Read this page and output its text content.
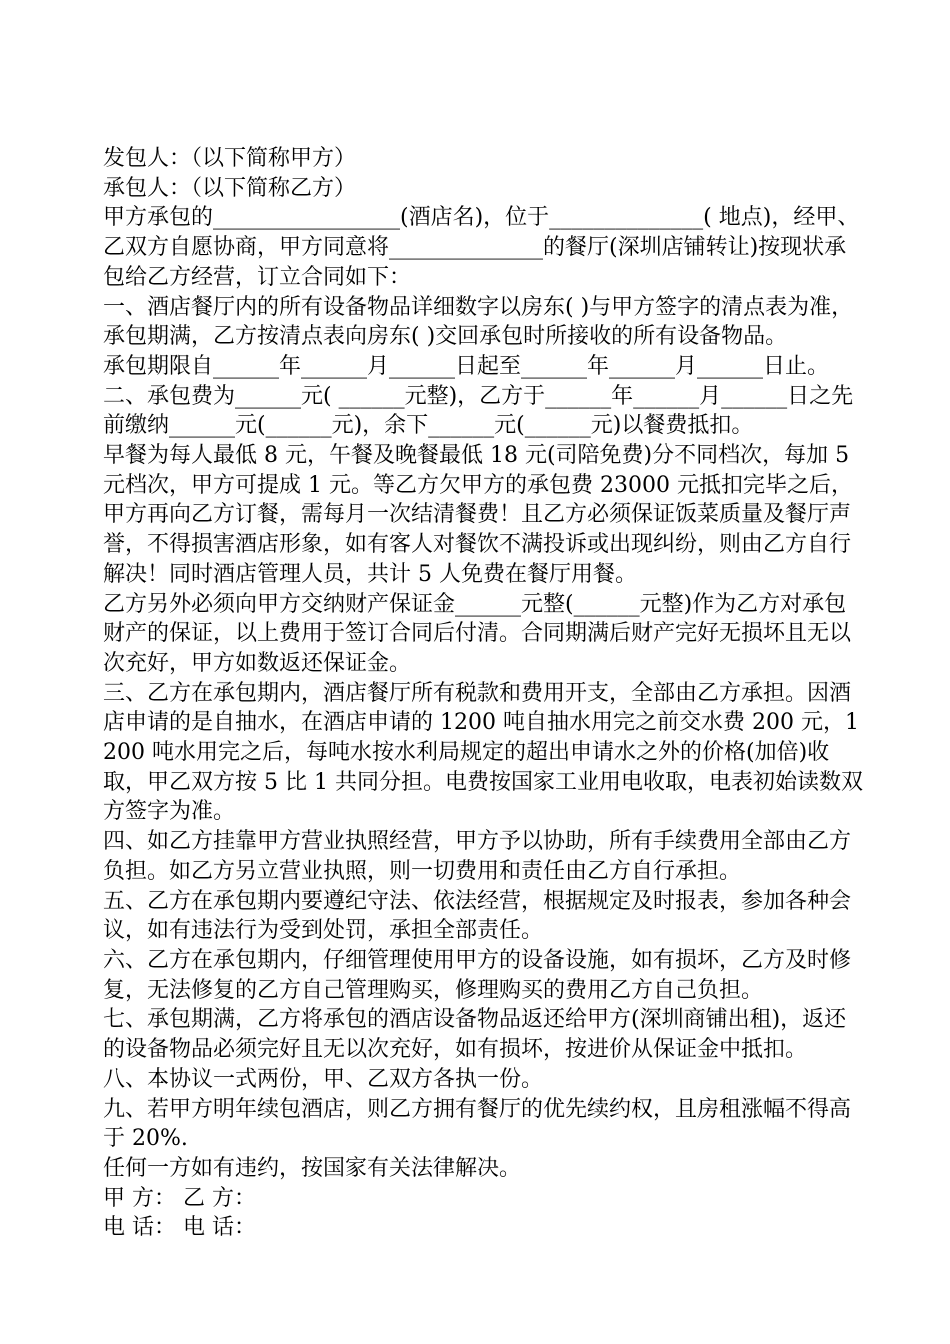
发包人：（以下简称甲方）

承包人：（以下简称乙方）

甲方承包的_________________(酒店名)，位于______________( 地点)，经甲、乙双方自愿协商，甲方同意将______________的餐厅(深圳店铺转让)按现状承包给乙方经营，订立合同如下：

一、酒店餐厅内的所有设备物品详细数字以房东( )与甲方签字的清点表为准，承包期满，乙方按清点表向房东( )交回承包时所接收的所有设备物品。

承包期限自______年______月______日起至______年______月______日止。

二、承包费为______元( ______元整)，乙方于______年______月______日之先前缴纳______元(______元)，余下______元(______元)以餐费抵扣。

早餐为每人最低 8 元，午餐及晚餐最低 18 元(司陪免费)分不同档次，每加 5 元档次，甲方可提成 1 元。等乙方欠甲方的承包费 23000 元抵扣完毕之后，甲方再向乙方订餐，需每月一次结清餐费！且乙方必须保证饭菜质量及餐厅声誉，不得损害酒店形象，如有客人对餐饮不满投诉或出现纠纷，则由乙方自行解决！同时酒店管理人员，共计 5 人免费在餐厅用餐。

乙方另外必须向甲方交纳财产保证金______元整(______元整)作为乙方对承包财产的保证，以上费用于签订合同后付清。合同期满后财产完好无损坏且无以次充好，甲方如数返还保证金。

三、乙方在承包期内，酒店餐厅所有税款和费用开支，全部由乙方承担。因酒店申请的是自抽水，在酒店申请的 1200 吨自抽水用完之前交水费 200 元，1200 吨水用完之后，每吨水按水利局规定的超出申请水之外的价格(加倍)收取，甲乙双方按 5 比 1 共同分担。电费按国家工业用电收取，电表初始读数双方签字为准。

四、如乙方挂靠甲方营业执照经营，甲方予以协助，所有手续费用全部由乙方负担。如乙方另立营业执照，则一切费用和责任由乙方自行承担。

五、乙方在承包期内要遵纪守法、依法经营，根据规定及时报表，参加各种会议，如有违法行为受到处罚，承担全部责任。

六、乙方在承包期内，仔细管理使用甲方的设备设施，如有损坏，乙方及时修复，无法修复的乙方自己管理购买，修理购买的费用乙方自己负担。

七、承包期满，乙方将承包的酒店设备物品返还给甲方(深圳商铺出租)，返还的设备物品必须完好且无以次充好，如有损坏，按进价从保证金中抵扣。

八、本协议一式两份，甲、乙双方各执一份。

九、若甲方明年续包酒店，则乙方拥有餐厅的优先续约权，且房租涨幅不得高于 20%.

任何一方如有违约，按国家有关法律解决。

甲 方： 乙 方：

电 话： 电 话：
